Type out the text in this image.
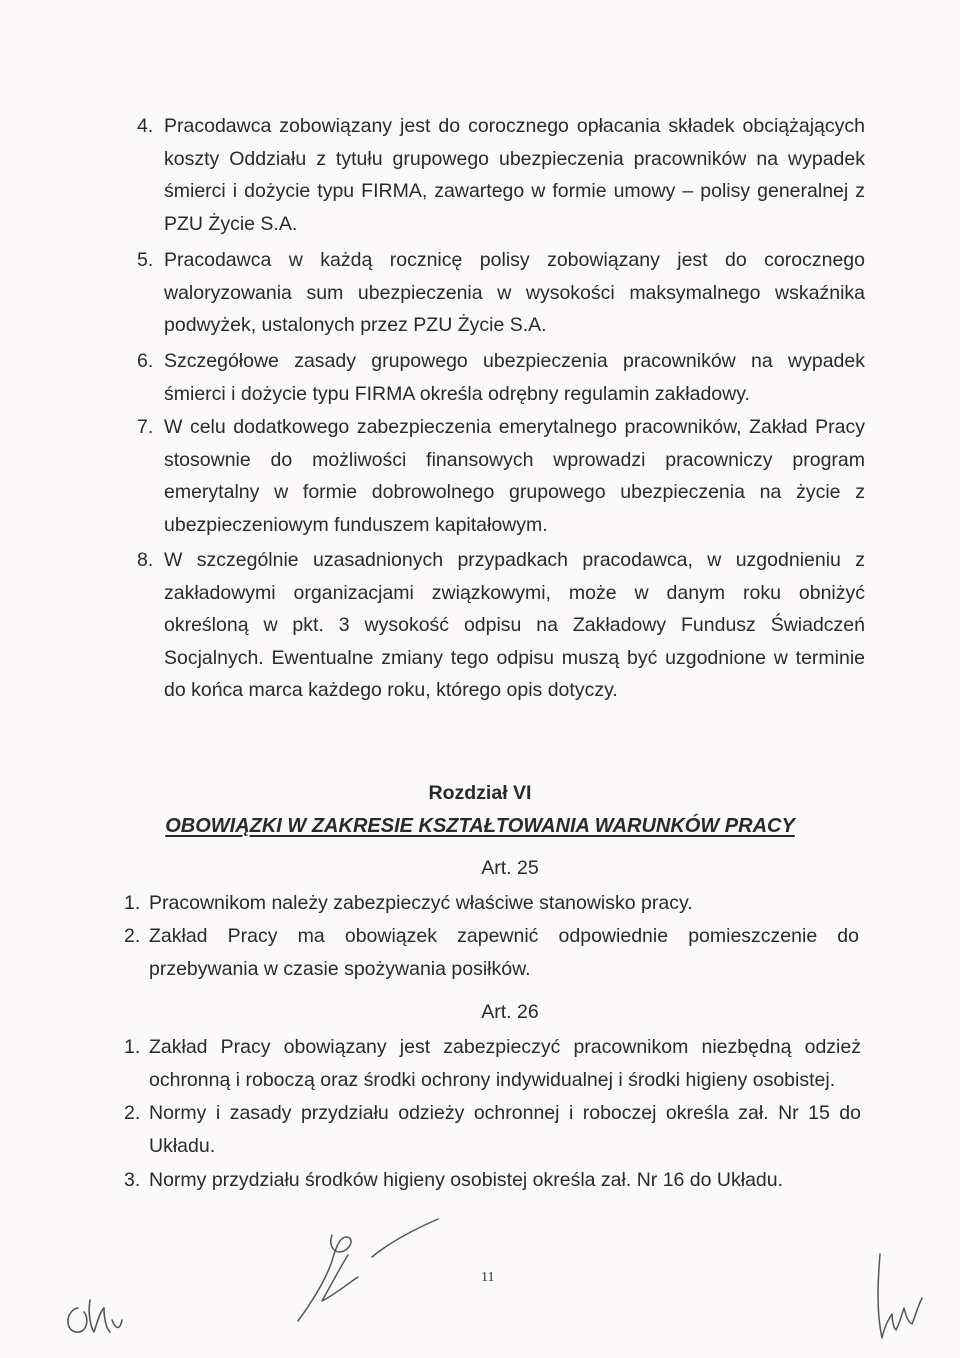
4. Pracodawca zobowiązany jest do corocznego opłacania składek obciążających koszty Oddziału z tytułu grupowego ubezpieczenia pracowników na wypadek śmierci i dożycie typu FIRMA, zawartego w formie umowy – polisy generalnej z PZU Życie S.A.

5. Pracodawca w każdą rocznicę polisy zobowiązany jest do corocznego waloryzowania sum ubezpieczenia w wysokości maksymalnego wskaźnika podwyżek, ustalonych przez PZU Życie S.A.

6. Szczegółowe zasady grupowego ubezpieczenia pracowników na wypadek śmierci i dożycie typu FIRMA określa odrębny regulamin zakładowy.

7. W celu dodatkowego zabezpieczenia emerytalnego pracowników, Zakład Pracy stosownie do możliwości finansowych wprowadzi pracowniczy program emerytalny w formie dobrowolnego grupowego ubezpieczenia na życie z ubezpieczeniowym funduszem kapitałowym.

8. W szczególnie uzasadnionych przypadkach pracodawca, w uzgodnieniu z zakładowymi organizacjami związkowymi, może w danym roku obniżyć określoną w pkt. 3 wysokość odpisu na Zakładowy Fundusz Świadczeń Socjalnych. Ewentualne zmiany tego odpisu muszą być uzgodnione w terminie do końca marca każdego roku, którego opis dotyczy.

Rozdział VI
OBOWIĄZKI W ZAKRESIE KSZTAŁTOWANIA WARUNKÓW PRACY
Art. 25
1. Pracownikom należy zabezpieczyć właściwe stanowisko pracy.

2. Zakład Pracy ma obowiązek zapewnić odpowiednie pomieszczenie do przebywania w czasie spożywania posiłków.

Art. 26
1. Zakład Pracy obowiązany jest zabezpieczyć pracownikom niezbędną odzież ochronną i roboczą oraz środki ochrony indywidualnej i środki higieny osobistej.

2. Normy i zasady przydziału odzieży ochronnej i roboczej określa zał. Nr 15 do Układu.

3. Normy przydziału środków higieny osobistej określa zał. Nr 16 do Układu.

11
